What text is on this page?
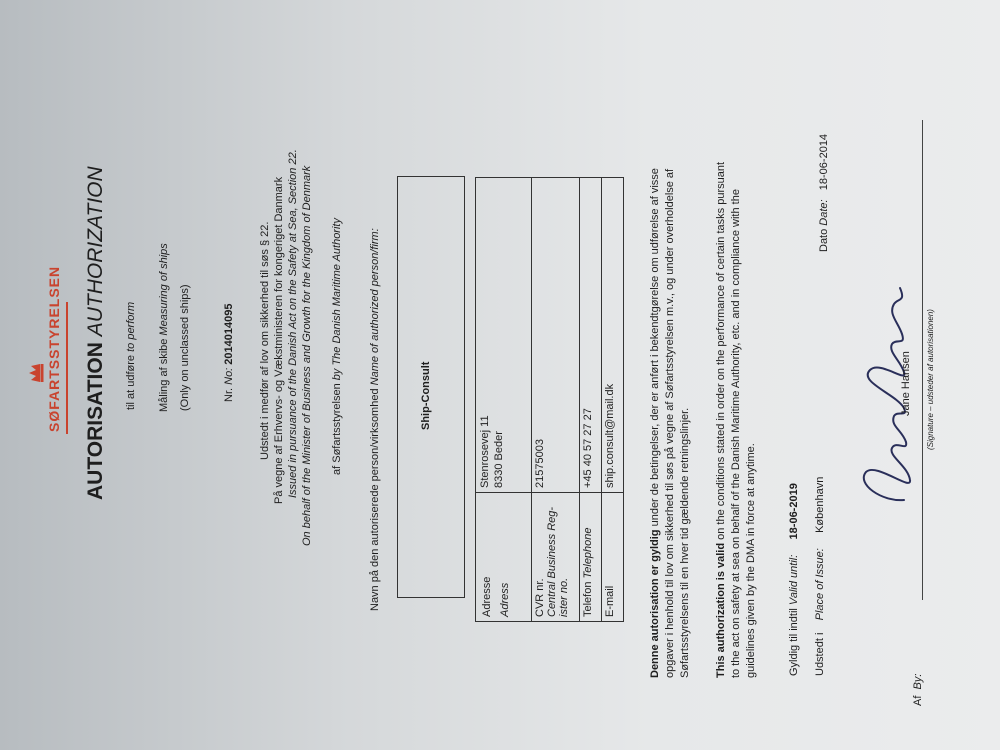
SØFARTSSTYRELSEN AUTORISATION AUTHORIZATION
til at udføre to perform
Måling af skibe Measuring of ships (Only on unclassed ships)	Nr. No: 2014014095 Udstedt i medfør af lov om sikkerhed til søs § 22. På vegne af Erhvervs- og Vækstministeren for kongeriget Danmark Issued in pursuance of the Danish Act on the Safety at Sea, Section 22. On behalf of the Minister of Business and Growth for the Kingdom of Denmark af Søfartsstyrelsen by The Danish Maritime Authority
Navn på den autoriserede person/virksomhed Name of authorized person/firm:
Ship-Consult
Adresse Adress	Stenrosevej 11 8330 Beder
CVR nr.
Central Business Reg-
ister no.	21575003
Telefon Telephone	+45 40 57 27 27
E-mail	ship.consult@mail.dk
Denne autorisation er gyldig under de betingelser, der er anført i bekendtgørelse om udførelse af visse opgaver i henhold til lov om sikkerhed til søs på vegne af Søfartsstyrelsen m.v., og under overholdelse af Søfartsstyrelsens til en hver tid gældende retningslinjer. This authorization is valid on the conditions stated in order on the performance of certain tasks pursuant to the act on safety at sea on behalf of the Danish Maritime Authority, etc. and in compliance with the guidelines given by the DMA in force at anytime.	Gyldig til indtil Valid until:     18-06-2019
Dato Date:   18-06-2014
Udstedt i    Place of Issue:     København
Jane Hansen
Af  By:
(Signature – udsteder af autorisationen)
